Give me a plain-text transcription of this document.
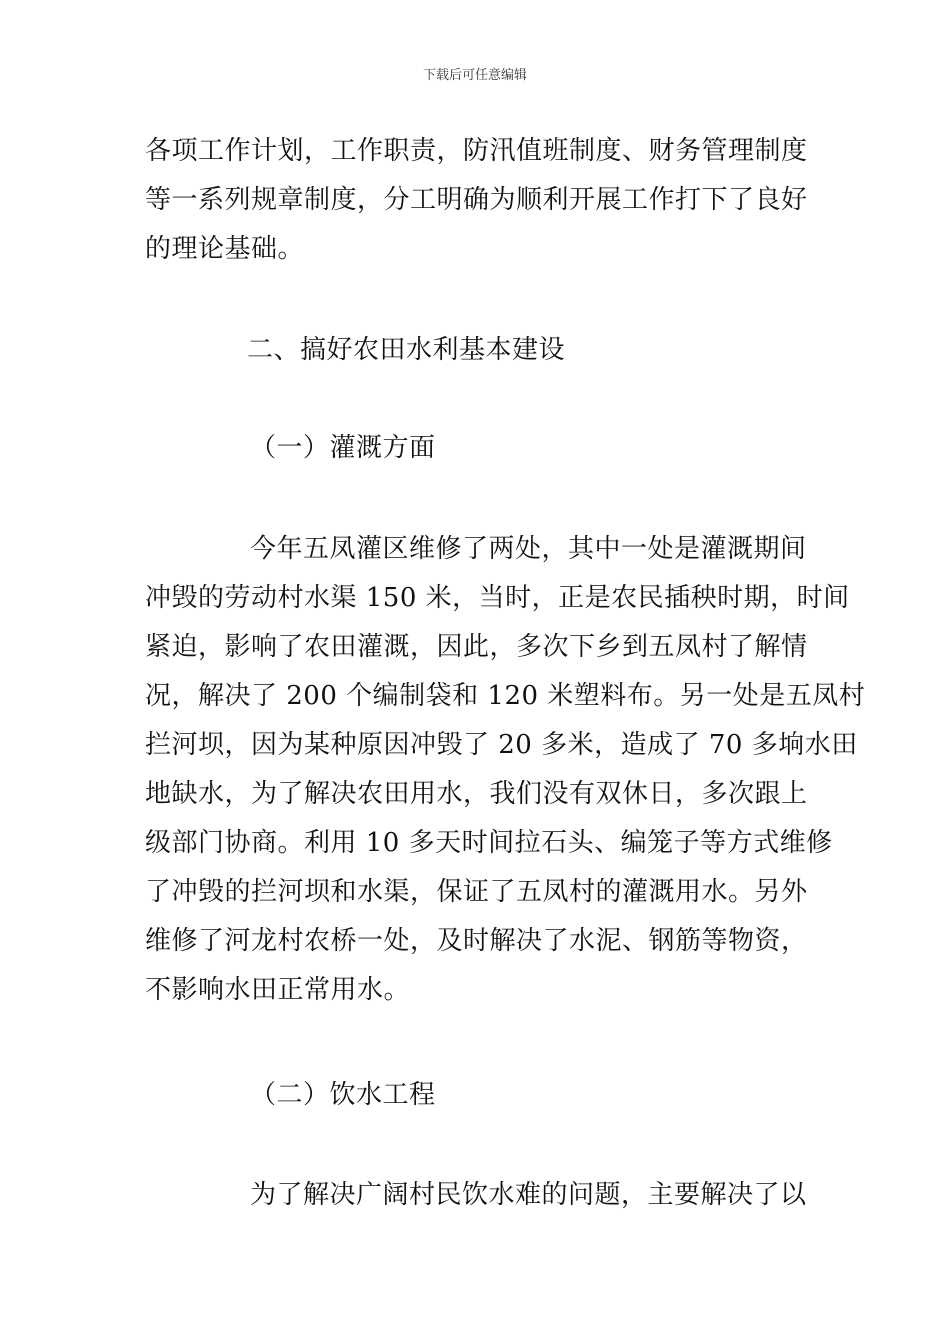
下载后可任意编辑
各项工作计划，工作职责，防汛值班制度、财务管理制度
等一系列规章制度，分工明确为顺利开展工作打下了良好
的理论基础。
二、搞好农田水利基本建设
（一）灌溉方面
今年五凤灌区维修了两处，其中一处是灌溉期间
冲毁的劳动村水渠 150 米，当时，正是农民插秧时期，时间
紧迫，影响了农田灌溉，因此，多次下乡到五凤村了解情
况，解决了 200 个编制袋和 120 米塑料布。另一处是五凤村
拦河坝，因为某种原因冲毁了 20 多米，造成了 70 多垧水田
地缺水，为了解决农田用水，我们没有双休日，多次跟上
级部门协商。利用 10 多天时间拉石头、编笼子等方式维修
了冲毁的拦河坝和水渠，保证了五凤村的灌溉用水。另外
维修了河龙村农桥一处，及时解决了水泥、钢筋等物资，
不影响水田正常用水。
（二）饮水工程
为了解决广阔村民饮水难的问题，主要解决了以
